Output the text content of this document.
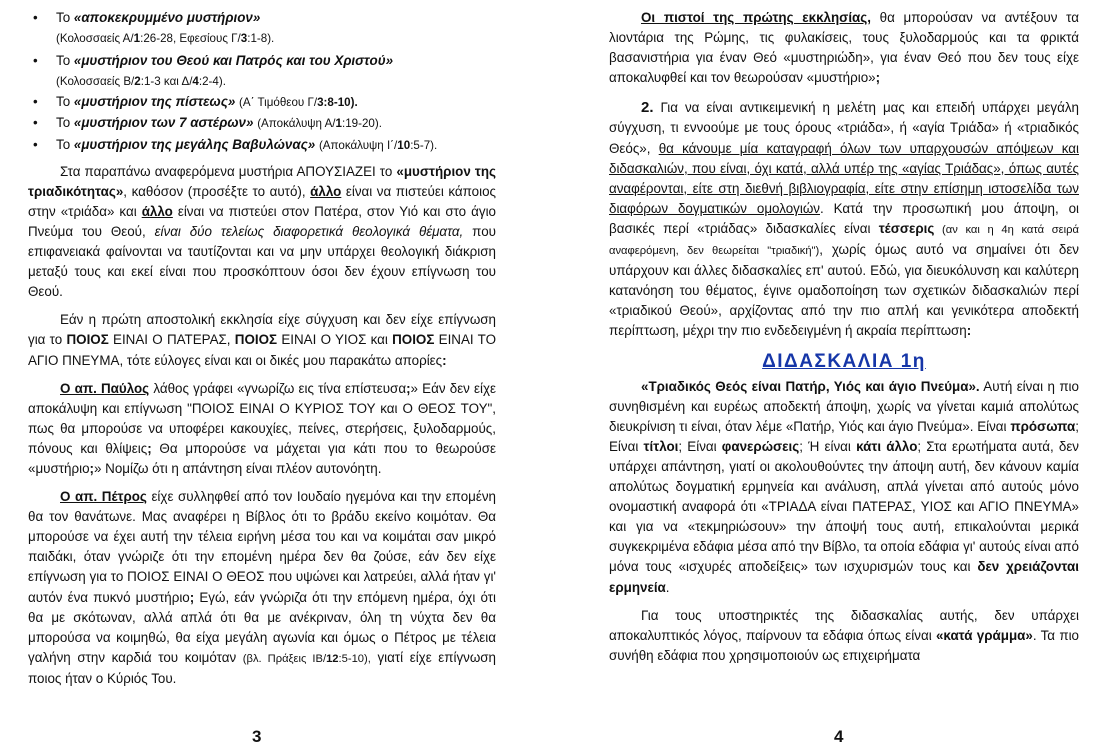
• Το «αποκεκρυμμένο μυστήριον»
(Κολοσσαείς Α/1:26-28, Εφεσίους Γ/3:1-8).
• Το «μυστήριον του Θεού και Πατρός και του Χριστού»
(Κολοσσαείς Β/2:1-3 και Δ/4:2-4).
• Το «μυστήριον της πίστεως» (Α΄ Τιμόθεου Γ/3:8-10).
• Το «μυστήριον των 7 αστέρων» (Αποκάλυψη Α/1:19-20).
• Το «μυστήριον της μεγάλης Βαβυλώνας» (Αποκάλυψη Ι΄/10:5-7).

Στα παραπάνω αναφερόμενα μυστήρια ΑΠΟΥΣΙΑΖΕΙ το «μυστήριον της τριαδικότητας», καθόσον (προσέξτε το αυτό), άλλο είναι να πιστεύει κάποιος στην «τριάδα» και άλλο είναι να πιστεύει στον Πατέρα, στον Υιό και στο άγιο Πνεύμα του Θεού, είναι δύο τελείως διαφορετικά θεολογικά θέματα, που επιφανειακά φαίνονται να ταυτίζονται και να μην υπάρχει θεολογική διάκριση μεταξύ τους και εκεί είναι που προσκόπτουν όσοι δεν έχουν επίγνωση του Θεού.

Εάν η πρώτη αποστολική εκκλησία είχε σύγχυση και δεν είχε επίγνωση για το ΠΟΙΟΣ ΕΙΝΑΙ Ο ΠΑΤΕΡΑΣ, ΠΟΙΟΣ ΕΙΝΑΙ Ο ΥΙΟΣ και ΠΟΙΟΣ ΕΙΝΑΙ ΤΟ ΑΓΙΟ ΠΝΕΥΜΑ, τότε εύλογες είναι και οι δικές μου παρακάτω απορίες:

Ο απ. Παύλος λάθος γράφει «γνωρίζω εις τίνα επίστευσα;» Εάν δεν είχε αποκάλυψη και επίγνωση "ΠΟΙΟΣ ΕΙΝΑΙ Ο ΚΥΡΙΟΣ ΤΟΥ και Ο ΘΕΟΣ ΤΟΥ", πως θα μπορούσε να υποφέρει κακουχίες, πείνες, στερήσεις, ξυλοδαρμούς, πόνους και θλίψεις; Θα μπορούσε να μάχεται για κάτι που το θεωρούσε «μυστήριο;» Νομίζω ότι η απάντηση είναι πλέον αυτονόητη.

Ο απ. Πέτρος είχε συλληφθεί από τον Ιουδαίο ηγεμόνα και την επομένη θα τον θανάτωνε. Μας αναφέρει η Βίβλος ότι το βράδυ εκείνο κοιμόταν. Θα μπορούσε να έχει αυτή την τέλεια ειρήνη μέσα του και να κοιμάται σαν μικρό παιδάκι, όταν γνώριζε ότι την επομένη ημέρα δεν θα ζούσε, εάν δεν είχε επίγνωση για το ΠΟΙΟΣ ΕΙΝΑΙ Ο ΘΕΟΣ που υψώνει και λατρεύει, αλλά ήταν γι' αυτόν ένα πυκνό μυστήριο; Εγώ, εάν γνώριζα ότι την επόμενη ημέρα, όχι ότι θα με σκότωναν, αλλά απλά ότι θα με ανέκριναν, όλη τη νύχτα δεν θα μπορούσα να κοιμηθώ, θα είχα μεγάλη αγωνία και όμως ο Πέτρος με τέλεια γαλήνη στην καρδιά του κοιμόταν (βλ. Πράξεις ΙΒ/12:5-10), γιατί είχε επίγνωση ποιος ήταν ο Κύριός Του.

Οι πιστοί της πρώτης εκκλησίας, θα μπορούσαν να αντέξουν τα λιοντάρια της Ρώμης, τις φυλακίσεις, τους ξυλοδαρμούς και τα φρικτά βασανιστήρια για έναν Θεό «μυστηριώδη», για έναν Θεό που δεν τους είχε αποκαλυφθεί και τον θεωρούσαν «μυστήριο»;

2. Για να είναι αντικειμενική η μελέτη μας και επειδή υπάρχει μεγάλη σύγχυση, τι εννοούμε με τους όρους «τριάδα», ή «αγία Τριάδα» ή «τριαδικός Θεός», θα κάνουμε μία καταγραφή όλων των υπαρχουσών απόψεων και διδασκαλιών, που είναι, όχι κατά, αλλά υπέρ της «αγίας Τριάδας», όπως αυτές αναφέρονται, είτε στη διεθνή βιβλιογραφία, είτε στην επίσημη ιστοσελίδα των διαφόρων δογματικών ομολογιών. Κατά την προσωπική μου άποψη, οι βασικές περί «τριάδας» διδασκαλίες είναι τέσσερις (αν και η 4η κατά σειρά αναφερόμενη, δεν θεωρείται "τριαδική"), χωρίς όμως αυτό να σημαίνει ότι δεν υπάρχουν και άλλες διδασκαλίες επ' αυτού. Εδώ, για διευκόλυνση και καλύτερη κατανόηση του θέματος, έγινε ομαδοποίηση των σχετικών διδασκαλιών περί «τριαδικού Θεού», αρχίζοντας από την πιο απλή και γενικότερα αποδεκτή περίπτωση, μέχρι την πιο ενδεδειγμένη ή ακραία περίπτωση:

ΔΙΔΑΣΚΑΛΙΑ 1η

«Τριαδικός Θεός είναι Πατήρ, Υιός και άγιο Πνεύμα». Αυτή είναι η πιο συνηθισμένη και ευρέως αποδεκτή άποψη, χωρίς να γίνεται καμιά απολύτως διευκρίνιση τι είναι, όταν λέμε «Πατήρ, Υιός και άγιο Πνεύμα». Είναι πρόσωπα; Είναι τίτλοι; Είναι φανερώσεις; Ή είναι κάτι άλλο; Στα ερωτήματα αυτά, δεν υπάρχει απάντηση, γιατί οι ακολουθούντες την άποψη αυτή, δεν κάνουν καμία απολύτως δογματική ερμηνεία και ανάλυση, απλά γίνεται από αυτούς μόνο ονομαστική αναφορά ότι «ΤΡΙΑΔΑ είναι ΠΑΤΕΡΑΣ, ΥΙΟΣ και ΑΓΙΟ ΠΝΕΥΜΑ» και για να «τεκμηριώσουν» την άποψή τους αυτή, επικαλούνται μερικά συγκεκριμένα εδάφια μέσα από την Βίβλο, τα οποία εδάφια γι' αυτούς είναι από μόνα τους «ισχυρές αποδείξεις» των ισχυρισμών τους και δεν χρειάζονται ερμηνεία.

Για τους υποστηρικτές της διδασκαλίας αυτής, δεν υπάρχει αποκαλυπτικός λόγος, παίρνουν τα εδάφια όπως είναι «κατά γράμμα». Τα πιο συνήθη εδάφια που χρησιμοποιούν ως επιχειρήματα

3	4
